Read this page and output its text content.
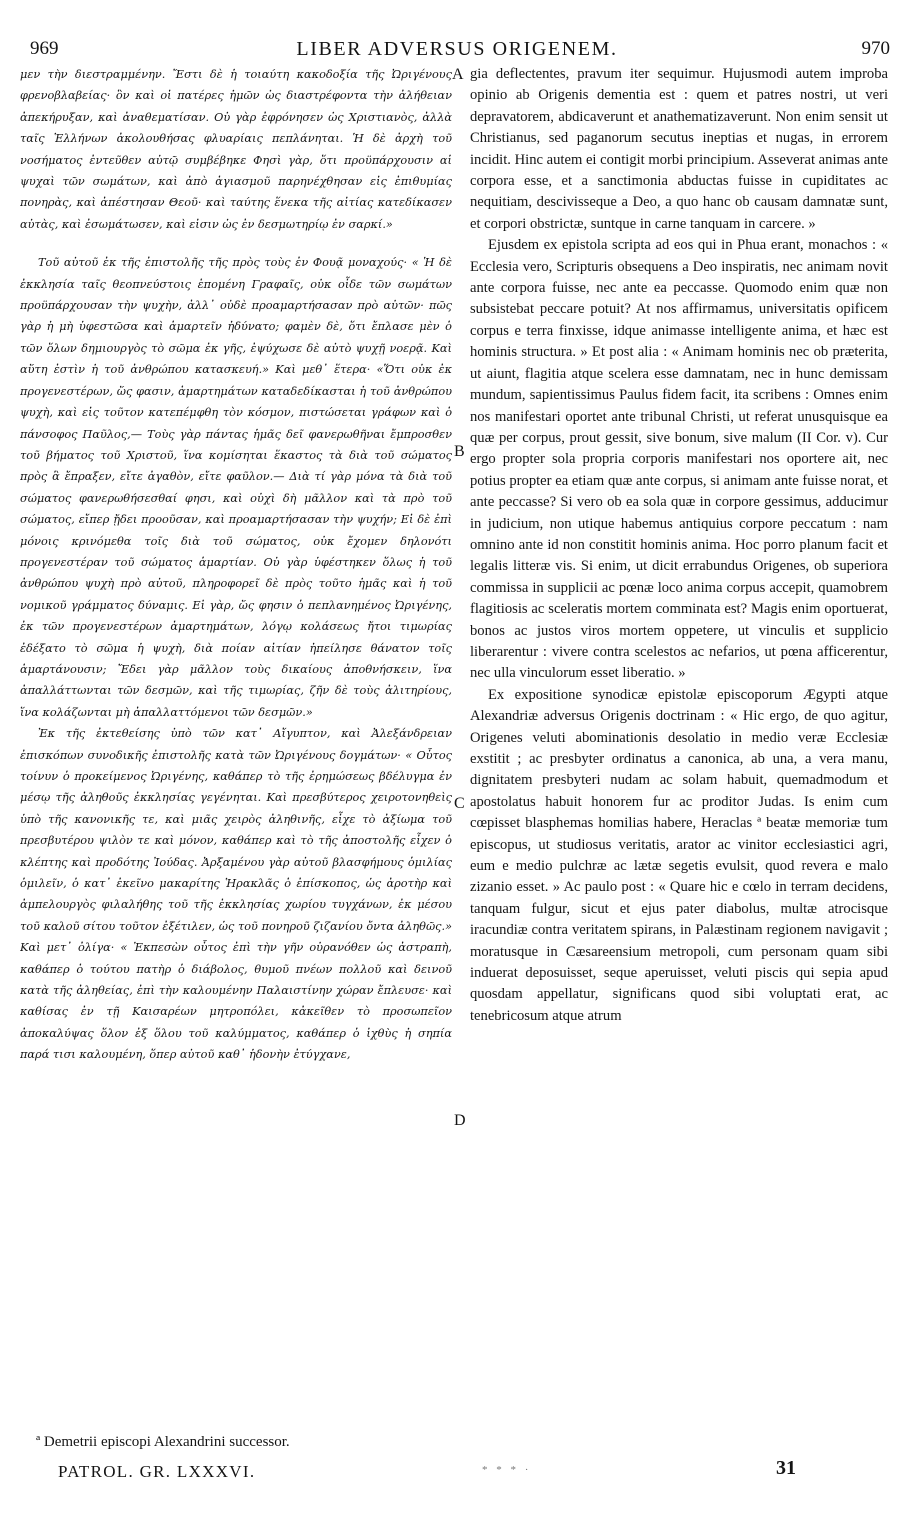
969	LIBER ADVERSUS ORIGENEM.	970

μεν τὴν διεστραμμένην. Ἔστι δὲ ἡ τοιαύτη κακοδοξία τῆς Ὠριγένους φρενοβλαβείας· ὃν καὶ οἱ πατέρες ἡμῶν ὡς διαστρέφοντα τὴν ἀλήθειαν ἀπεκήρυξαν, καὶ ἀναθεματίσαν. Οὐ γὰρ ἐφρόνησεν ὡς Χριστιανὸς, ἀλλὰ ταῖς Ἑλλήνων ἀκολουθήσας φλυαρίαις πεπλάνηται. Ἡ δὲ ἀρχὴ τοῦ νοσήματος ἐντεῦθεν αὐτῷ συμβέβηκε Φησὶ γὰρ, ὅτι προϋπάρχουσιν αἱ ψυχαὶ τῶν σωμάτων, καὶ ἀπὸ ἁγιασμοῦ παρηνέχθησαν εἰς ἐπιθυμίας πονηρὰς, καὶ ἀπέστησαν Θεοῦ· καὶ ταύτης ἕνεκα τῆς αἰτίας κατεδίκασεν αὐτὰς, καὶ ἐσωμάτωσεν, καὶ εἰσιν ὡς ἐν δεσμωτηρίῳ ἐν σαρκί.»

Τοῦ αὐτοῦ ἐκ τῆς ἐπιστολῆς τῆς πρὸς τοὺς ἐν Φουᾷ μοναχούς· « Ἡ δὲ ἐκκλησία ταῖς θεοπνεύστοις ἑπομένη Γραφαῖς, οὐκ οἶδε τῶν σωμάτων προϋπάρχουσαν τὴν ψυχὴν, ἀλλ᾽ οὐδὲ προαμαρτήσασαν πρὸ αὐτῶν· πῶς γὰρ ἡ μὴ ὑφεστῶσα καὶ ἁμαρτεῖν ἠδύνατο; φαμὲν δὲ, ὅτι ἔπλασε μὲν ὁ τῶν ὅλων δημιουργὸς τὸ σῶμα ἐκ γῆς, ἐψύχωσε δὲ αὐτὸ ψυχῇ νοερᾷ. Καὶ αὕτη ἐστὶν ἡ τοῦ ἀνθρώπου κατασκευή.» Καὶ μεθ᾽ ἕτερα· «Ὅτι οὐκ ἐκ προγενεστέρων, ὥς φασιν, ἁμαρτημάτων καταδεδίκασται ἡ τοῦ ἀνθρώπου ψυχὴ, καὶ εἰς τοῦτον κατεπέμφθη τὸν κόσμον, πιστώσεται γράφων καὶ ὁ πάνσοφος Παῦλος,— Τοὺς γὰρ πάντας ἡμᾶς δεῖ φανερωθῆναι ἔμπροσθεν τοῦ βήματος τοῦ Χριστοῦ, ἵνα κομίσηται ἕκαστος τὰ διὰ τοῦ σώματος πρὸς ἃ ἔπραξεν, εἴτε ἀγαθὸν, εἴτε φαῦλον.— Διὰ τί γὰρ μόνα τὰ διὰ τοῦ σώματος φανερωθήσεσθαί φησι, καὶ οὐχὶ δὴ μᾶλλον καὶ τὰ πρὸ τοῦ σώματος, εἴπερ ᾔδει προοῦσαν, καὶ προαμαρτήσασαν τὴν ψυχήν; Εἰ δὲ ἐπὶ μόνοις κρινόμεθα τοῖς διὰ τοῦ σώματος, οὐκ ἔχομεν δηλονότι προγενεστέραν τοῦ σώματος ἁμαρτίαν. Οὐ γὰρ ὑφέστηκεν ὅλως ἡ τοῦ ἀνθρώπου ψυχὴ πρὸ αὐτοῦ, πληροφορεῖ δὲ πρὸς τοῦτο ἡμᾶς καὶ ἡ τοῦ νομικοῦ γράμματος δύναμις. Εἰ γὰρ, ὥς φησιν ὁ πεπλανημένος Ὠριγένης, ἐκ τῶν προγενεστέρων ἁμαρτημάτων, λόγῳ κολάσεως ἤτοι τιμωρίας ἐδέξατο τὸ σῶμα ἡ ψυχὴ, διὰ ποίαν αἰτίαν ἠπείλησε θάνατον τοῖς ἁμαρτάνουσιν; Ἔδει γὰρ μᾶλλον τοὺς δικαίους ἀποθνήσκειν, ἵνα ἀπαλλάττωνται τῶν δεσμῶν, καὶ τῆς τιμωρίας, ζῆν δὲ τοὺς ἀλιτηρίους, ἵνα κολάζωνται μὴ ἀπαλλαττόμενοι τῶν δεσμῶν.»

Ἐκ τῆς ἐκτεθείσης ὑπὸ τῶν κατ᾽ Αἴγυπτον, καὶ Ἀλεξάνδρειαν ἐπισκόπων συνοδικῆς ἐπιστολῆς κατὰ τῶν Ὠριγένους δογμάτων· « Οὗτος τοίνυν ὁ προκείμενος Ὠριγένης, καθάπερ τὸ τῆς ἐρημώσεως βδέλυγμα ἐν μέσῳ τῆς ἀληθοῦς ἐκκλησίας γεγένηται. Καὶ πρεσβύτερος χειροτονηθεὶς ὑπὸ τῆς κανονικῆς τε, καὶ μιᾶς χειρὸς ἀληθινῆς, εἶχε τὸ ἀξίωμα τοῦ πρεσβυτέρου ψιλὸν τε καὶ μόνον, καθάπερ καὶ τὸ τῆς ἀποστολῆς εἶχεν ὁ κλέπτης καὶ προδότης Ἰούδας. Ἀρξαμένου γὰρ αὐτοῦ βλασφήμους ὁμιλίας ὁμιλεῖν, ὁ κατ᾽ ἐκεῖνο μακαρίτης Ἡρακλᾶς ὁ ἐπίσκοπος, ὡς ἀροτὴρ καὶ ἀμπελουργὸς φιλαλήθης τοῦ τῆς ἐκκλησίας χωρίου τυγχάνων, ἐκ μέσου τοῦ καλοῦ σίτου τοῦτον ἐξέτιλεν, ὡς τοῦ πονηροῦ ζιζανίου ὄντα ἀληθῶς.» Καὶ μετ᾽ ὀλίγα· « Ἐκπεσὼν οὗτος ἐπὶ τὴν γῆν οὐρανόθεν ὡς ἀστραπὴ, καθάπερ ὁ τούτου πατὴρ ὁ διάβολος, θυμοῦ πνέων πολλοῦ καὶ δεινοῦ κατὰ τῆς ἀληθείας, ἐπὶ τὴν καλουμένην Παλαιστίνην χώραν ἔπλευσε· καὶ καθίσας ἐν τῇ Καισαρέων μητροπόλει, κἀκεῖθεν τὸ προσωπεῖον ἀποκαλύψας ὅλον ἐξ ὅλου τοῦ καλύμματος, καθάπερ ὁ ἰχθὺς ἡ σηπία παρά τισι καλουμένη, ὅπερ αὐτοῦ καθ᾽ ἡδονὴν ἐτύγχανε,

gia deflectentes, pravum iter sequimur. Hujusmodi autem improba opinio ab Origenis dementia est : quem et patres nostri, ut veri depravatorem, abdicaverunt et anathematizaverunt. Non enim sensit ut Christianus, sed paganorum secutus ineptias et nugas, in errorem incidit. Hinc autem ei contigit morbi principium. Asseverat animas ante corpora esse, et a sanctimonia abductas fuisse in cupiditates ac nequitiam, descivisseque a Deo, a quo hanc ob causam damnatæ sunt, et corpori obstrictæ, suntque in carne tanquam in carcere. »

Ejusdem ex epistola scripta ad eos qui in Phua erant, monachos : « Ecclesia vero, Scripturis obsequens a Deo inspiratis, nec animam novit ante corpora fuisse, nec ante ea peccasse. Quomodo enim quæ non subsistebat peccare potuit? At nos affirmamus, universitatis opificem corpus e terra finxisse, idque animasse intelligente anima, et hæc est hominis structura. » Et post alia : « Animam hominis nec ob præterita, ut aiunt, flagitia atque scelera esse damnatam, nec in hunc demissam mundum, sapientissimus Paulus fidem facit, ita scribens : Omnes enim nos manifestari oportet ante tribunal Christi, ut referat unusquisque ea quæ per corpus, prout gessit, sive bonum, sive malum (II Cor. v). Cur ergo propter sola propria corporis manifestari nos oportere ait, nec potius propter ea etiam quæ ante corpus, si animam ante fuisse norat, et ante peccasse? Si vero ob ea sola quæ in corpore gessimus, adducimur in judicium, non utique habemus antiquius corpore peccatum : nam omnino ante id non constitit hominis anima. Hoc porro planum facit et legalis litteræ vis. Si enim, ut dicit errabundus Origenes, ob superiora commissa in supplicii ac pœnæ loco anima corpus accepit, quamobrem flagitiosis ac sceleratis mortem comminata est? Magis enim oportuerat, bonos ac justos viros mortem oppetere, ut vinculis et supplicio liberarentur : vivere contra scelestos ac nefarios, ut pœna afficerentur, nec ulla vinculorum esset liberatio. »

Ex expositione synodicæ epistolæ episcoporum Ægypti atque Alexandriæ adversus Origenis doctrinam : « Hic ergo, de quo agitur, Origenes veluti abominationis desolatio in medio veræ Ecclesiæ exstitit ; ac presbyter ordinatus a canonica, ab una, a vera manu, dignitatem presbyteri nudam ac solam habuit, quemadmodum et apostolatus habuit honorem fur ac proditor Judas. Is enim cum cœpisset blasphemas homilias habere, Heraclas ª beatæ memoriæ tum episcopus, ut studiosus veritatis, arator ac vinitor ecclesiastici agri, eum e medio pulchræ ac lætæ segetis evulsit, quod revera e malo zizanio esset. » Ac paulo post : « Quare hic e cœlo in terram decidens, tanquam fulgur, sicut et ejus pater diabolus, multæ atrocisque iracundiæ contra veritatem spirans, in Palæstinam regionem navigavit ; moratusque in Cæsareensium metropoli, cum personam quam sibi induerat deposuisset, seque aperuisset, veluti piscis qui sepia apud quosdam appellatur, significans quod sibi voluptati erat, ac tenebricosum atque atrum

A
B
C
D
ª Demetrii episcopi Alexandrini successor.
PATROL. GR. LXXXVI.	* * * ·	31
